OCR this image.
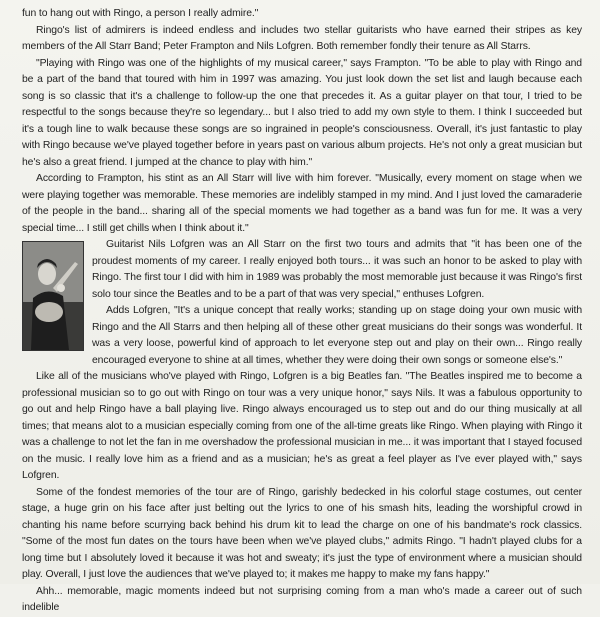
fun to hang out with Ringo, a person I really admire."

Ringo's list of admirers is indeed endless and includes two stellar guitarists who have earned their stripes as key members of the All Starr Band; Peter Frampton and Nils Lofgren. Both remember fondly their tenure as All Starrs.

"Playing with Ringo was one of the highlights of my musical career," says Frampton. "To be able to play with Ringo and be a part of the band that toured with him in 1997 was amazing. You just look down the set list and laugh because each song is so classic that it's a challenge to follow-up the one that precedes it. As a guitar player on that tour, I tried to be respectful to the songs because they're so legendary... but I also tried to add my own style to them. I think I succeeded but it's a tough line to walk because these songs are so ingrained in people's consciousness. Overall, it's just fantastic to play with Ringo because we've played together before in years past on various album projects. He's not only a great musician but he's also a great friend. I jumped at the chance to play with him."

According to Frampton, his stint as an All Starr will live with him forever. "Musically, every moment on stage when we were playing together was memorable. These memories are indelibly stamped in my mind. And I just loved the camaraderie of the people in the band... sharing all of the special moments we had together as a band was fun for me. It was a very special time... I still get chills when I think about it."

Guitarist Nils Lofgren was an All Starr on the first two tours and admits that "it has been one of the proudest moments of my career. I really enjoyed both tours... it was such an honor to be asked to play with Ringo. The first tour I did with him in 1989 was probably the most memorable just because it was Ringo's first solo tour since the Beatles and to be a part of that was very special," enthuses Lofgren.

Adds Lofgren, "It's a unique concept that really works; standing up on stage doing your own music with Ringo and the All Starrs and then helping all of these other great musicians do their songs was wonderful. It was a very loose, powerful kind of approach to let everyone step out and play on their own... Ringo really encouraged everyone to shine at all times, whether they were doing their own songs or someone else's."

Like all of the musicians who've played with Ringo, Lofgren is a big Beatles fan. "The Beatles inspired me to become a professional musician so to go out with Ringo on tour was a very unique honor," says Nils. It was a fabulous opportunity to go out and help Ringo have a ball playing live. Ringo always encouraged us to step out and do our thing musically at all times; that means alot to a musician especially coming from one of the all-time greats like Ringo. When playing with Ringo it was a challenge to not let the fan in me overshadow the professional musician in me... it was important that I stayed focused on the music. I really love him as a friend and as a musician; he's as great a feel player as I've ever played with," says Lofgren.

Some of the fondest memories of the tour are of Ringo, garishly bedecked in his colorful stage costumes, out center stage, a huge grin on his face after just belting out the lyrics to one of his smash hits, leading the worshipful crowd in chanting his name before scurrying back behind his drum kit to lead the charge on one of his bandmate's rock classics. "Some of the most fun dates on the tours have been when we've played clubs," admits Ringo. "I hadn't played clubs for a long time but I absolutely loved it because it was hot and sweaty; it's just the type of environment where a musician should play. Overall, I just love the audiences that we've played to; it makes me happy to make my fans happy."

Ahh... memorable, magic moments indeed but not surprising coming from a man who's made a career out of such indelible
